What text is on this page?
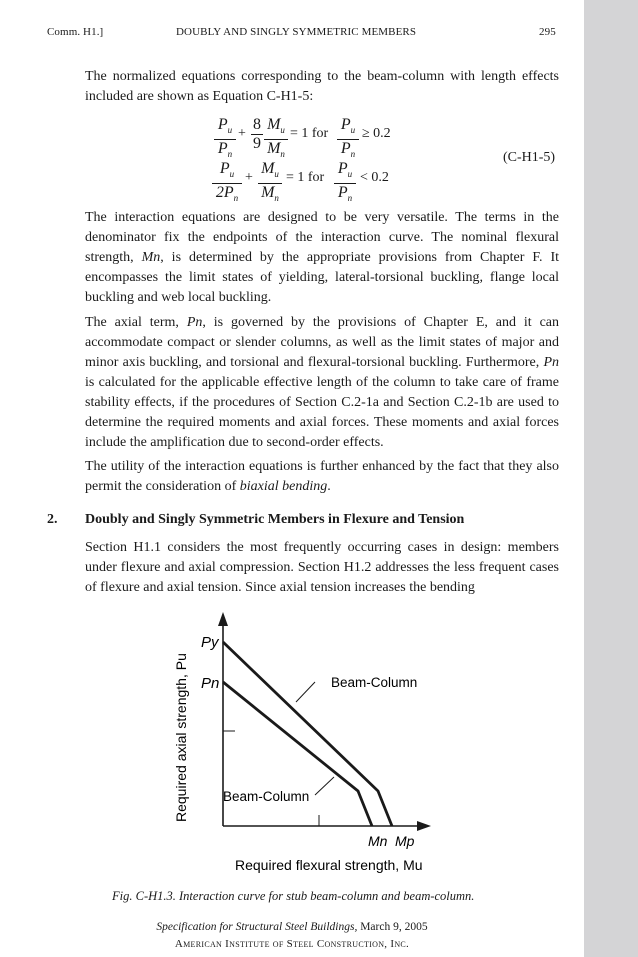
Comm. H1.]	DOUBLY AND SINGLY SYMMETRIC MEMBERS	295

The normalized equations corresponding to the beam-column with length effects included are shown as Equation C-H1-5:

$P_u$
$P_n$
+
8
9
$M_u$
$M_n$
= 1 for
$P_u$
$P_n$
≥ 0.2
$P_u$
$2P_n$
+
$M_u$
$M_n$
= 1 for
$P_u$
$P_n$
< 0.2
(C-H1-5)

The interaction equations are designed to be very versatile. The terms in the denominator fix the endpoints of the interaction curve. The nominal flexural strength, Mn, is determined by the appropriate provisions from Chapter F. It encompasses the limit states of yielding, lateral-torsional buckling, flange local buckling and web local buckling.

The axial term, Pn, is governed by the provisions of Chapter E, and it can accommodate compact or slender columns, as well as the limit states of major and minor axis buckling, and torsional and flexural-torsional buckling. Furthermore, Pn is calculated for the applicable effective length of the column to take care of frame stability effects, if the procedures of Section C.2-1a and Section C.2-1b are used to determine the required moments and axial forces. These moments and axial forces include the amplification due to second-order effects.

The utility of the interaction equations is further enhanced by the fact that they also permit the consideration of biaxial bending.

2. Doubly and Singly Symmetric Members in Flexure and Tension

Section H1.1 considers the most frequently occurring cases in design: members under flexure and axial compression. Section H1.2 addresses the less frequent cases of flexure and axial tension. Since axial tension increases the bending

Py
Pn	Beam-Column
Beam-Column
Mn Mp
Required flexural strength, Mu
Required axial strength, Pu
Fig. C-H1.3. Interaction curve for stub beam-column and beam-column.
Specification for Structural Steel Buildings, March 9, 2005
American Institute of Steel Construction, Inc.
